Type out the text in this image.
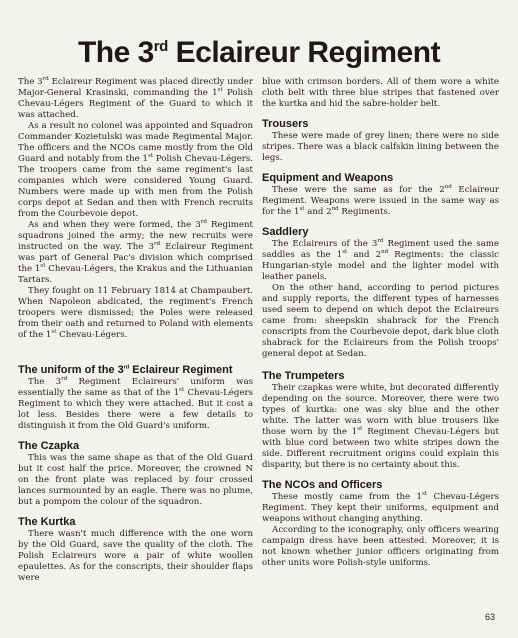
The 3rd Eclaireur Regiment

The 3rd Eclaireur Regiment was placed directly under Major-General Krasinski, commanding the 1st Polish Chevau-Légers Regiment of the Guard to which it was attached.

As a result no colonel was appointed and Squadron Commander Kozietulski was made Regimental Major. The officers and the NCOs came mostly from the Old Guard and notably from the 1st Polish Chevau-Légers. The troopers came from the same regiment's last companies which were considered Young Guard. Numbers were made up with men from the Polish corps depot at Sedan and then with French recruits from the Courbevoie depot.

As and when they were formed, the 3rd Regiment squadrons joined the army; the new recruits were instructed on the way. The 3rd Eclaireur Regiment was part of General Pac's division which comprised the 1st Chevau-Légers, the Krakus and the Lithuanian Tartars.

They fought on 11 February 1814 at Champaubert. When Napoleon abdicated, the regiment's French troopers were dismissed; the Poles were released from their oath and returned to Poland with elements of the 1st Chevau-Légers.

The uniform of the 3rd Eclaireur Regiment

The 3rd Regiment Eclaireurs' uniform was essentially the same as that of the 1st Chevau-Légers Regiment to which they were attached. But it cost a lot less. Besides there were a few details to distinguish it from the Old Guard's uniform.

The Czapka

This was the same shape as that of the Old Guard but it cost half the price. Moreover, the crowned N on the front plate was replaced by four crossed lances surmounted by an eagle. There was no plume, but a pompom the colour of the squadron.

The Kurtka

There wasn't much difference with the one worn by the Old Guard, save the quality of the cloth. The Polish Eclaireurs wore a pair of white woollen epaulettes. As for the conscripts, their shoulder flaps were

blue with crimson borders. All of them wore a white cloth belt with three blue stripes that fastened over the kurtka and hid the sabre-holder belt.

Trousers

These were made of grey linen; there were no side stripes. There was a black calfskin lining between the legs.

Equipment and Weapons

These were the same as for the 2nd Eclaireur Regiment. Weapons were issued in the same way as for the 1st and 2nd Regiments.

Saddlery

The Eclaireurs of the 3rd Regiment used the same saddles as the 1st and 2nd Regiments: the classic Hungarian-style model and the lighter model with leather panels.

On the other hand, according to period pictures and supply reports, the different types of harnesses used seem to depend on which depot the Eclaireurs came from: sheepskin shabrack for the French conscripts from the Courbevoie depot, dark blue cloth shabrack for the Eclaireurs from the Polish troops' general depot at Sedan.

The Trumpeters

Their czapkas were white, but decorated differently depending on the source. Moreover, there were two types of kurtka: one was sky blue and the other white. The latter was worn with blue trousers like those worn by the 1st Regiment Chevau-Légers but with blue cord between two white stripes down the side. Different recruitment origins could explain this disparity, but there is no certainty about this.

The NCOs and Officers

These mostly came from the 1st Chevau-Légers Regiment. They kept their uniforms, equipment and weapons without changing anything.

According to the iconography, only officers wearing campaign dress have been attested. Moreover, it is not known whether junior officers originating from other units wore Polish-style uniforms.

63
